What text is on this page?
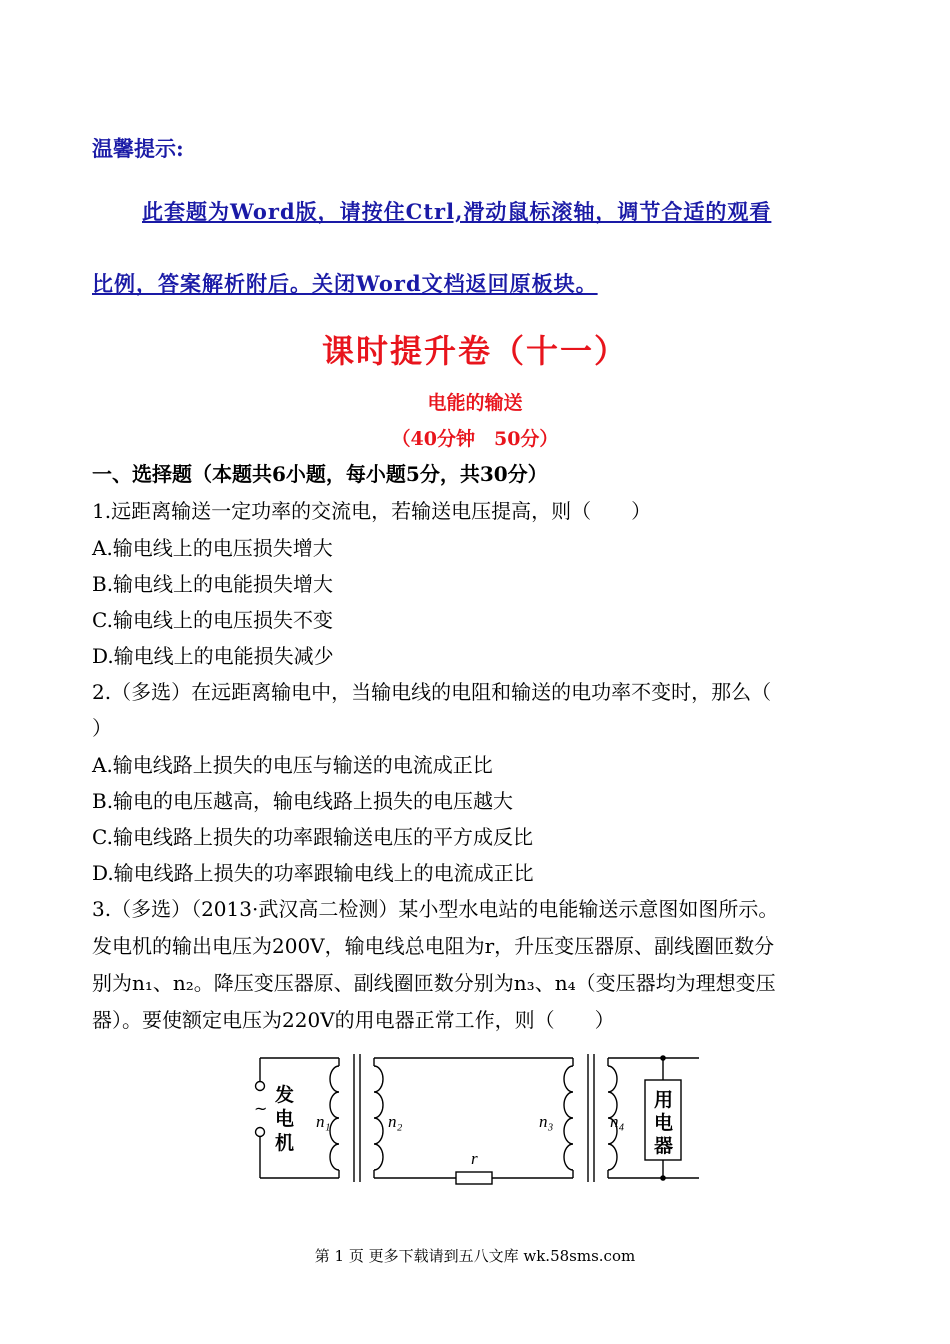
温馨提示:
此套题为Word版，请按住Ctrl,滑动鼠标滚轴，调节合适的观看
比例，答案解析附后。关闭Word文档返回原板块。
课时提升卷（十一）
电能的输送
（40分钟　50分）
一、选择题（本题共6小题，每小题5分，共30分）
1.远距离输送一定功率的交流电，若输送电压提高，则（　　）
A.输电线上的电压损失增大
B.输电线上的电能损失增大
C.输电线上的电压损失不变
D.输电线上的电能损失减少
2.（多选）在远距离输电中，当输电线的电阻和输送的电功率不变时，那么（
）
A.输电线路上损失的电压与输送的电流成正比
B.输电的电压越高，输电线路上损失的电压越大
C.输电线路上损失的功率跟输送电压的平方成反比
D.输电线路上损失的功率跟输电线上的电流成正比
3.（多选）（2013·武汉高二检测）某小型水电站的电能输送示意图如图所示。
发电机的输出电压为200V，输电线总电阻为r，升压变压器原、副线圈匝数分
别为n₁、n₂。降压变压器原、副线圈匝数分别为n₃、n₄（变压器均为理想变压
器）。要使额定电压为220V的用电器正常工作，则（　　）
发
电
机
用
电
器
~
n₁	n₂	n₃	n₄
r
第 1 页 更多下载请到五八文库 wk.58sms.com
